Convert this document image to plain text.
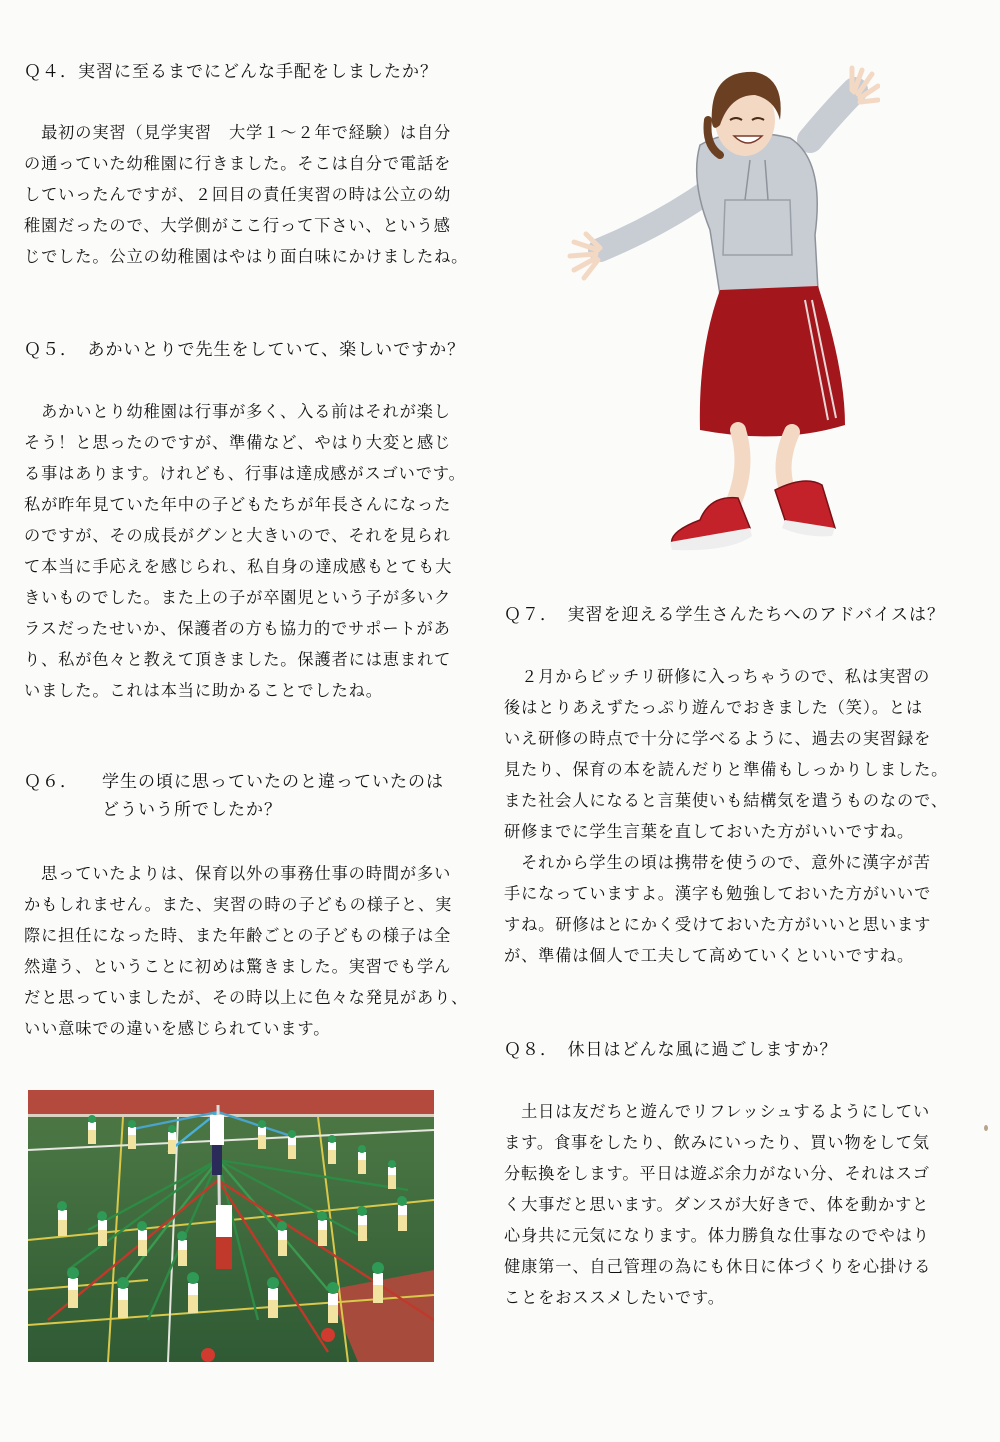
Ｑ４．実習に至るまでにどんな手配をしましたか？
　最初の実習（見学実習　大学１～２年で経験）は自分
の通っていた幼稚園に行きました。そこは自分で電話を
していったんですが、２回目の責任実習の時は公立の幼
稚園だったので、大学側がここ行って下さい、という感
じでした。公立の幼稚園はやはり面白味にかけましたね。
Ｑ５．　あかいとりで先生をしていて、楽しいですか？
　あかいとり幼稚園は行事が多く、入る前はそれが楽し
そう！と思ったのですが、準備など、やはり大変と感じ
る事はあります。けれども、行事は達成感がスゴいです。
私が昨年見ていた年中の子どもたちが年長さんになった
のですが、その成長がグンと大きいので、それを見られ
て本当に手応えを感じられ、私自身の達成感もとても大
きいものでした。また上の子が卒園児という子が多いク
ラスだったせいか、保護者の方も協力的でサポートがあ
り、私が色々と教えて頂きました。保護者には恵まれて
いました。これは本当に助かることでしたね。
Ｑ６． 学生の頃に思っていたのと違っていたのは
どういう所でしたか？
　思っていたよりは、保育以外の事務仕事の時間が多い
かもしれません。また、実習の時の子どもの様子と、実
際に担任になった時、また年齢ごとの子どもの様子は全
然違う、ということに初めは驚きました。実習でも学ん
だと思っていましたが、その時以上に色々な発見があり、
いい意味での違いを感じられています。
Ｑ７．　実習を迎える学生さんたちへのアドバイスは？
　２月からビッチリ研修に入っちゃうので、私は実習の
後はとりあえずたっぷり遊んでおきました（笑）。とは
いえ研修の時点で十分に学べるように、過去の実習録を
見たり、保育の本を読んだりと準備もしっかりしました。
また社会人になると言葉使いも結構気を遣うものなので、
研修までに学生言葉を直しておいた方がいいですね。
　それから学生の頃は携帯を使うので、意外に漢字が苦
手になっていますよ。漢字も勉強しておいた方がいいで
すね。研修はとにかく受けておいた方がいいと思います
が、準備は個人で工夫して高めていくといいですね。
Ｑ８．　休日はどんな風に過ごしますか？
　土日は友だちと遊んでリフレッシュするようにしてい
ます。食事をしたり、飲みにいったり、買い物をして気
分転換をします。平日は遊ぶ余力がない分、それはスゴ
く大事だと思います。ダンスが大好きで、体を動かすと
心身共に元気になります。体力勝負な仕事なのでやはり
健康第一、自己管理の為にも休日に体づくりを心掛ける
ことをおススメしたいです。
